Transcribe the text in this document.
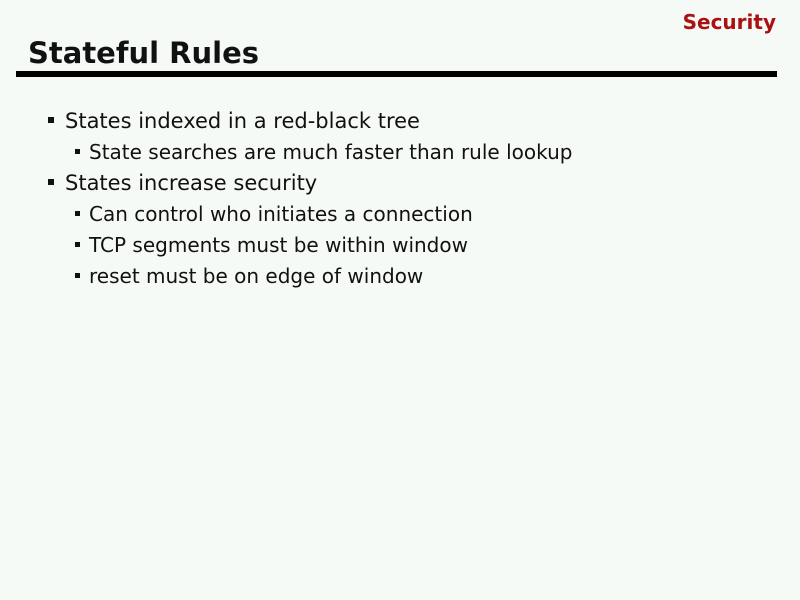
Security
Stateful Rules
States indexed in a red-black tree
State searches are much faster than rule lookup
States increase security
Can control who initiates a connection
TCP segments must be within window
reset must be on edge of window
